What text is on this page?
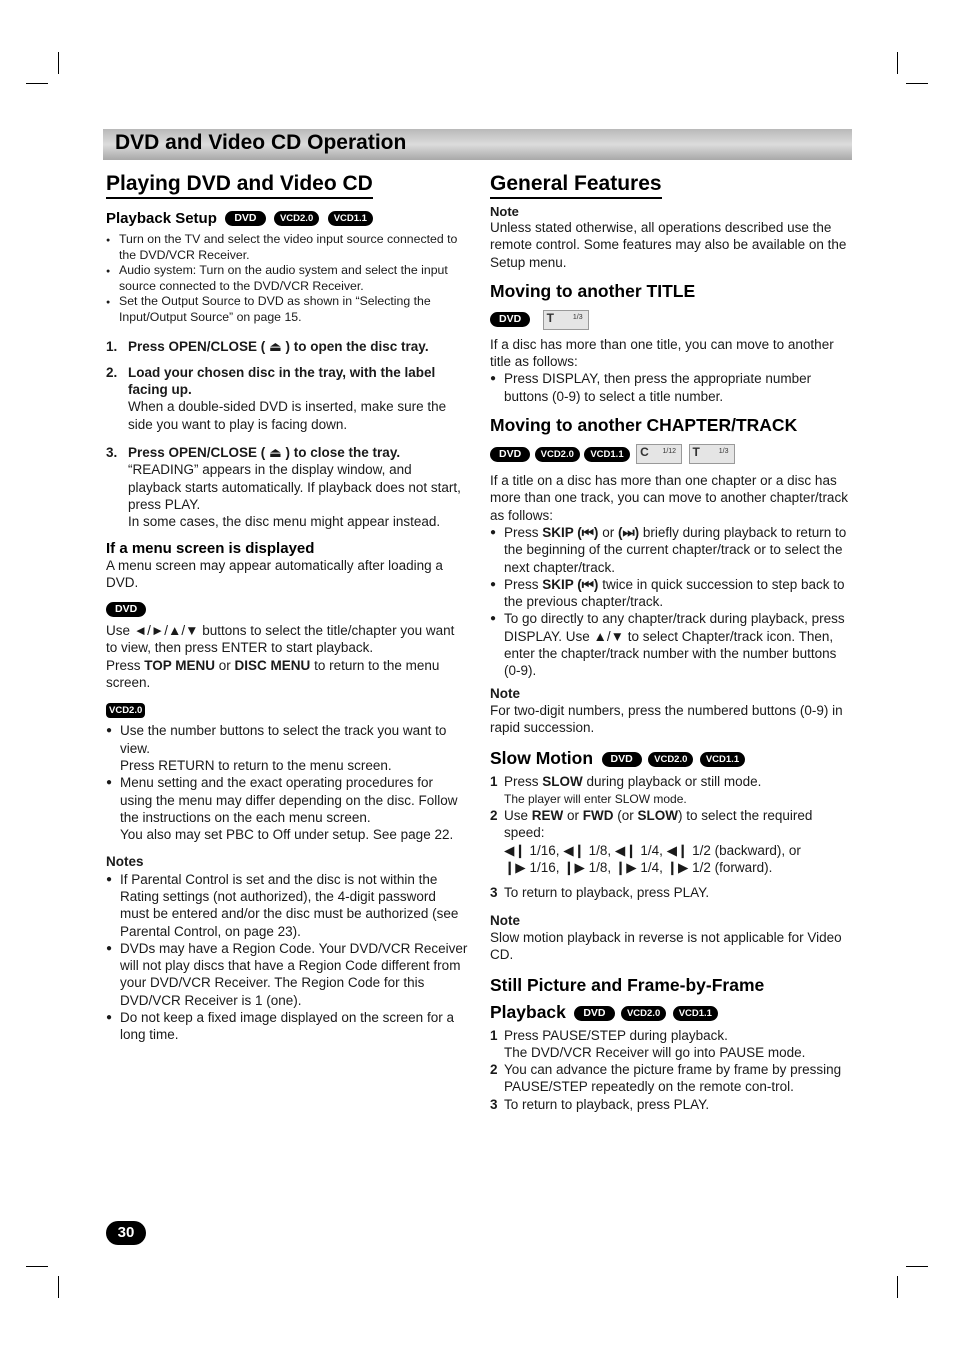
DVD and Video CD Operation
Playing DVD and Video CD
Playback Setup DVD VCD2.0 VCD1.1
● Turn on the TV and select the video input source connected to the DVD/VCR Receiver.
● Audio system: Turn on the audio system and select the input source connected to the DVD/VCR Receiver.
● Set the Output Source to DVD as shown in “Selecting the Input/Output Source” on page 15.

1. Press OPEN/CLOSE ( ⏏ ) to open the disc tray.

2. Load your chosen disc in the tray, with the label facing up.
When a double-sided DVD is inserted, make sure the side you want to play is facing down.

3. Press OPEN/CLOSE ( ⏏ ) to close the tray.
“READING” appears in the display window, and playback starts automatically. If playback does not start, press PLAY.
In some cases, the disc menu might appear instead.

If a menu screen is displayed

A menu screen may appear automatically after loading a DVD.

DVD

Use ◄/►/▲/▼ buttons to select the title/chapter you want to view, then press ENTER to start playback.

Press TOP MENU or DISC MENU to return to the menu screen.

VCD2.0

● Use the number buttons to select the track you want to view.
Press RETURN to return to the menu screen.

● Menu setting and the exact operating procedures for using the menu may differ depending on the disc. Follow the instructions on the each menu screen.
You also may set PBC to Off under setup. See page 22.

Notes

● If Parental Control is set and the disc is not within the Rating settings (not authorized), the 4-digit password must be entered and/or the disc must be authorized (see Parental Control, on page 23).

● DVDs may have a Region Code. Your DVD/VCR Receiver will not play discs that have a Region Code different from your DVD/VCR Receiver. The Region Code for this DVD/VCR Receiver is 1 (one).

● Do not keep a fixed image displayed on the screen for a long time.

General Features

Note

Unless stated otherwise, all operations described use the remote control. Some features may also be available on the Setup menu.

Moving to another TITLE
DVD T	1/3

If a disc has more than one title, you can move to another title as follows:

● Press DISPLAY, then press the appropriate number buttons (0-9) to select a title number.

Moving to another CHAPTER/TRACK
DVD VCD2.0 VCD1.1 C 1/12
T	1/3

If a title on a disc has more than one chapter or a disc has more than one track, you can move to another chapter/track as follows:

● Press SKIP (⏮) or (⏭) briefly during playback to return to the beginning of the current chapter/track or to select the next chapter/track.

● Press SKIP (⏮) twice in quick succession to step back to the previous chapter/track.

● To go directly to any chapter/track during playback, press DISPLAY. Use ▲/▼ to select Chapter/track icon. Then, enter the chapter/track number with the number buttons (0-9).

Note

For two-digit numbers, press the numbered buttons (0-9) in rapid succession.

Slow Motion DVD VCD2.0 VCD1.1

1 Press SLOW during playback or still mode.
The player will enter SLOW mode.

2 Use REW or FWD (or SLOW) to select the required speed:
◀❙ 1/16, ◀❙ 1/8, ◀❙ 1/4, ◀❙ 1/2 (backward), or
❙▶ 1/16, ❙▶ 1/8, ❙▶ 1/4, ❙▶ 1/2 (forward).

3 To return to playback, press PLAY.

Note

Slow motion playback in reverse is not applicable for Video CD.

Still Picture and Frame-by-Frame
Playback DVD VCD2.0 VCD1.1

1 Press PAUSE/STEP during playback.
The DVD/VCR Receiver will go into PAUSE mode.

2 You can advance the picture frame by frame by pressing PAUSE/STEP repeatedly on the remote con-trol.

3 To return to playback, press PLAY.

30
